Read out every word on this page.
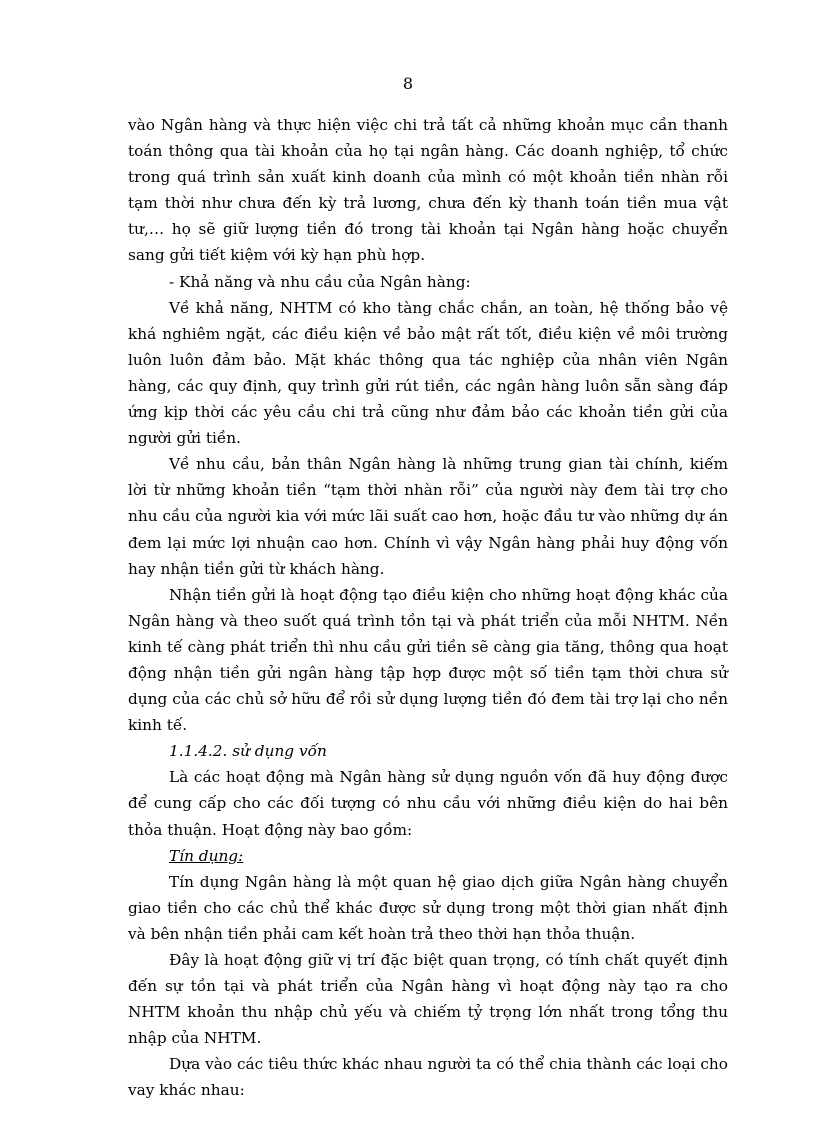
8

vào Ngân hàng và thực hiện việc chi trả tất cả những khoản mục cần thanh toán thông qua tài khoản của họ tại ngân hàng. Các doanh nghiệp, tổ chức trong quá trình sản xuất kinh doanh của mình có một khoản tiền nhàn rỗi tạm thời như chưa đến kỳ trả lương, chưa đến kỳ thanh toán tiền mua vật tư,… họ sẽ giữ lượng tiền đó trong tài khoản tại Ngân hàng hoặc chuyển sang gửi tiết kiệm với kỳ hạn phù hợp.

- Khả năng và nhu cầu của Ngân hàng:

Về khả năng, NHTM có kho tàng chắc chắn, an toàn, hệ thống bảo vệ khá nghiêm ngặt, các điều kiện về bảo mật rất tốt, điều kiện về môi trường luôn luôn đảm bảo. Mặt khác thông qua tác nghiệp của nhân viên Ngân hàng, các quy định, quy trình gửi rút tiền, các ngân hàng luôn sẵn sàng đáp ứng kịp thời các yêu cầu chi trả cũng như đảm bảo các khoản tiền gửi của người gửi tiền.

Về nhu cầu, bản thân Ngân hàng là những trung gian tài chính, kiếm lời từ những khoản tiền “tạm thời nhàn rỗi” của người này đem tài trợ cho nhu cầu của người kia với mức lãi suất cao hơn, hoặc đầu tư vào những dự án đem lại mức lợi nhuận cao hơn. Chính vì vậy Ngân hàng phải huy động vốn hay nhận tiền gửi từ khách hàng.

Nhận tiền gửi là hoạt động tạo điều kiện cho những hoạt động khác của Ngân hàng và theo suốt quá trình tồn tại và phát triển của mỗi NHTM. Nền kinh tế càng phát triển thì nhu cầu gửi tiền sẽ càng gia tăng, thông qua hoạt động nhận tiền gửi ngân hàng tập hợp được một số tiền tạm thời chưa sử dụng của các chủ sở hữu để rồi sử dụng lượng tiền đó đem tài trợ lại cho nền kinh tế.

1.1.4.2. sử dụng vốn

Là các hoạt động mà Ngân hàng sử dụng nguồn vốn đã huy động được để cung cấp cho các đối tượng có nhu cầu với những điều kiện do hai bên thỏa thuận. Hoạt động này bao gồm:

Tín dụng:

Tín dụng Ngân hàng là một quan hệ giao dịch giữa Ngân hàng chuyển giao tiền cho các chủ thể khác được sử dụng trong một thời gian nhất định và bên nhận tiền phải cam kết hoàn trả theo thời hạn thỏa thuận.

Đây là hoạt động giữ vị trí đặc biệt quan trọng, có tính chất quyết định đến sự tồn tại và phát triển của Ngân hàng vì hoạt động này tạo ra cho NHTM khoản thu nhập chủ yếu và chiếm tỷ trọng lớn nhất trong tổng thu nhập của NHTM.

Dựa vào các tiêu thức khác nhau người ta có thể chia thành các loại cho vay khác nhau:
